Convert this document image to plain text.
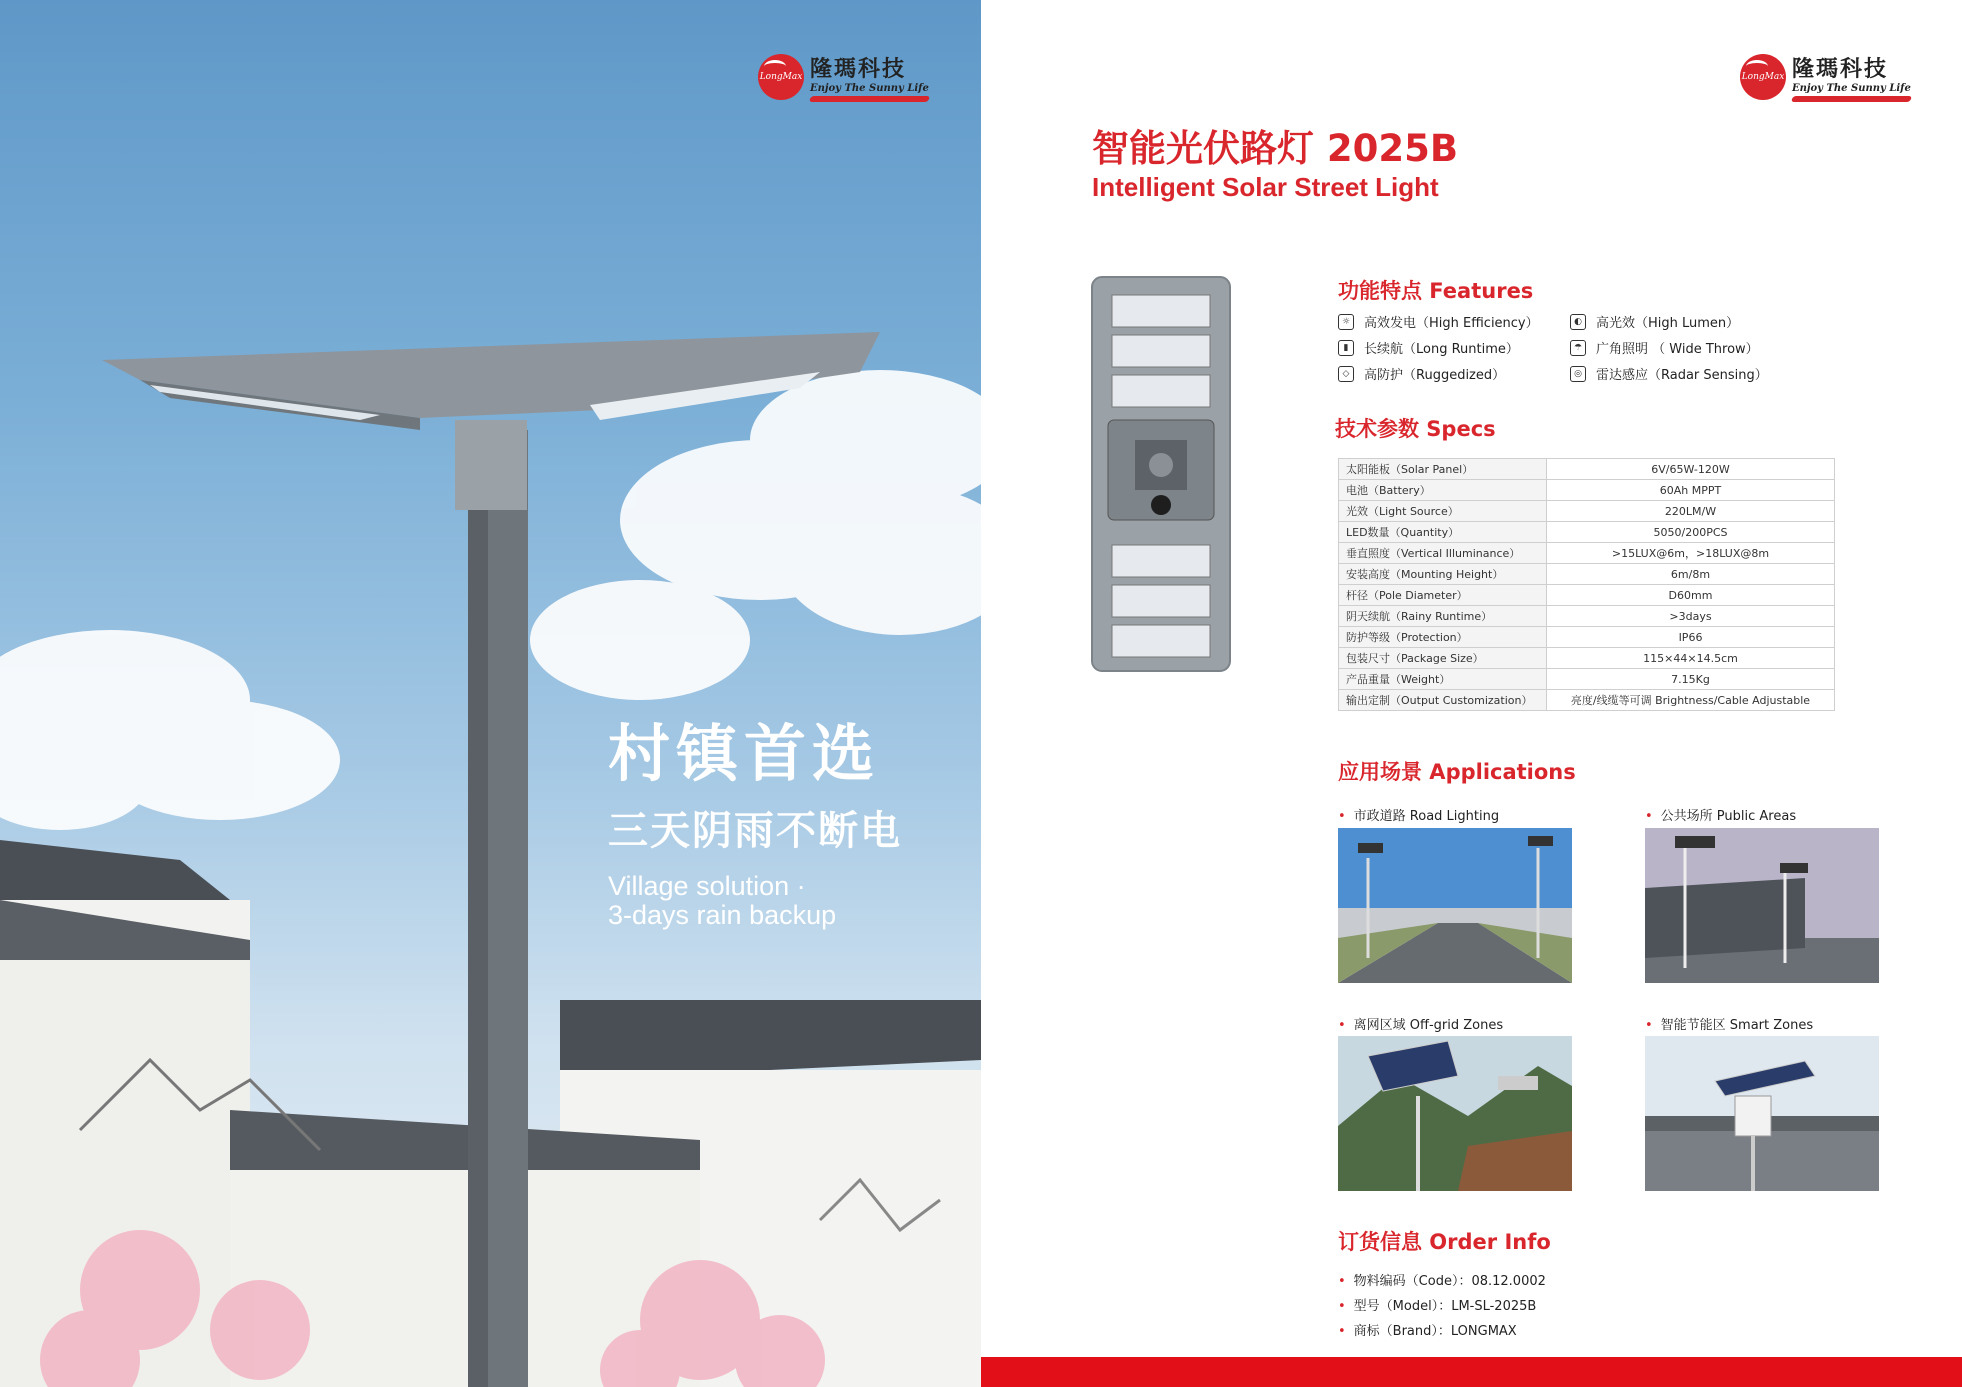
LongMax 隆瑪科技
Enjoy The Sunny Life
村镇首选
三天阴雨不断电
Village solution ·
3-days rain backup
LongMax 隆瑪科技
Enjoy The Sunny Life
智能光伏路灯 2025B
Intelligent Solar Street Light
功能特点 Features
☼	高效发电（High Efficiency）	◐	高光效（High Lumen）
▮	长续航（Long Runtime）	☂	广角照明 （ Wide Throw）
◇	高防护（Ruggedized）	◎	雷达感应（Radar Sensing）
技术参数 Specs
太阳能板（Solar Panel）	6V/65W-120W
电池（Battery）	60Ah MPPT
光效（Light Source）	220LM/W
LED数量（Quantity）	5050/200PCS
垂直照度（Vertical Illuminance）	>15LUX@6m，>18LUX@8m
安装高度（Mounting Height）	6m/8m
杆径（Pole Diameter）	D60mm
阴天续航（Rainy Runtime）	>3days
防护等级（Protection）	IP66
包装尺寸（Package Size）	115×44×14.5cm
产品重量（Weight）	7.15Kg
输出定制（Output Customization）	亮度/线缆等可调 Brightness/Cable Adjustable
应用场景 Applications
• 市政道路 Road Lighting	• 公共场所 Public Areas
• 离网区域 Off-grid Zones	• 智能节能区 Smart Zones
订货信息 Order Info
• 物料编码（Code）：08.12.0002
• 型号（Model）：LM-SL-2025B
• 商标（Brand）：LONGMAX
